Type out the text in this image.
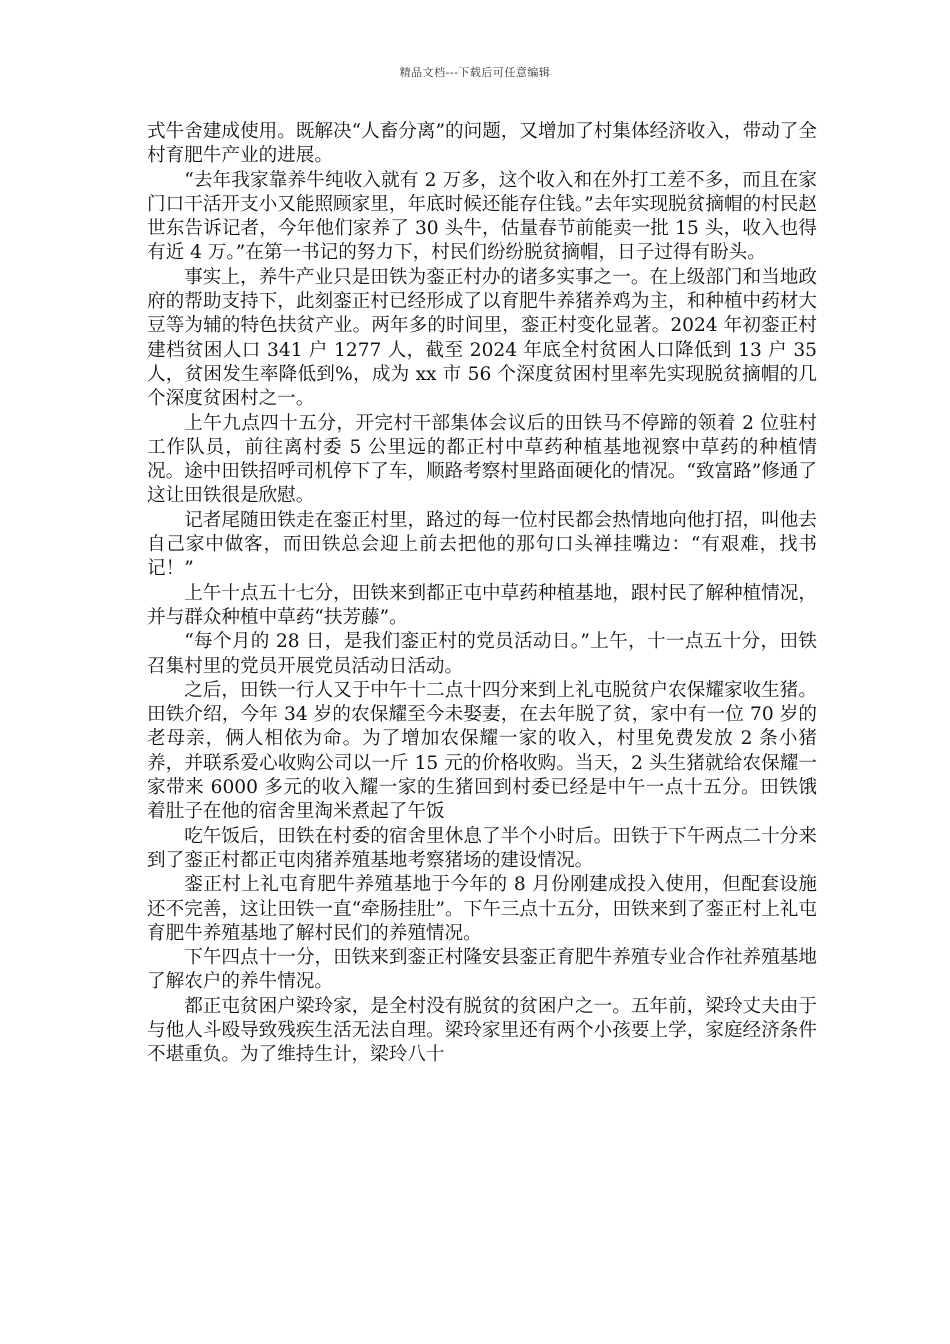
精品文档---下载后可任意编辑

式牛舍建成使用。既解决“人畜分离”的问题，又增加了村集体经济收入，带动了全村育肥牛产业的进展。

“去年我家靠养牛纯收入就有 2 万多，这个收入和在外打工差不多，而且在家门口干活开支小又能照顾家里，年底时候还能存住钱。”去年实现脱贫摘帽的村民赵世东告诉记者，今年他们家养了 30 头牛，估量春节前能卖一批 15 头，收入也得有近 4 万。”在第一书记的努力下，村民们纷纷脱贫摘帽，日子过得有盼头。

事实上，养牛产业只是田铁为銮正村办的诸多实事之一。在上级部门和当地政府的帮助支持下，此刻銮正村已经形成了以育肥牛养猪养鸡为主，和种植中药材大豆等为辅的特色扶贫产业。两年多的时间里，銮正村变化显著。2024 年初銮正村建档贫困人口 341 户 1277 人，截至 2024 年底全村贫困人口降低到 13 户 35 人，贫困发生率降低到%，成为 xx 市 56 个深度贫困村里率先实现脱贫摘帽的几个深度贫困村之一。

上午九点四十五分，开完村干部集体会议后的田铁马不停蹄的领着 2 位驻村工作队员，前往离村委 5 公里远的都正村中草药种植基地视察中草药的种植情况。途中田铁招呼司机停下了车，顺路考察村里路面硬化的情况。“致富路”修通了这让田铁很是欣慰。

记者尾随田铁走在銮正村里，路过的每一位村民都会热情地向他打招，叫他去自己家中做客，而田铁总会迎上前去把他的那句口头禅挂嘴边：“有艰难，找书记！”

上午十点五十七分，田铁来到都正屯中草药种植基地，跟村民了解种植情况，并与群众种植中草药“扶芳藤”。

“每个月的 28 日，是我们銮正村的党员活动日。”上午，十一点五十分，田铁召集村里的党员开展党员活动日活动。

之后，田铁一行人又于中午十二点十四分来到上礼屯脱贫户农保耀家收生猪。田铁介绍，今年 34 岁的农保耀至今未娶妻，在去年脱了贫，家中有一位 70 岁的老母亲，俩人相依为命。为了增加农保耀一家的收入，村里免费发放 2 条小猪养，并联系爱心收购公司以一斤 15 元的价格收购。当天，2 头生猪就给农保耀一家带来 6000 多元的收入耀一家的生猪回到村委已经是中午一点十五分。田铁饿着肚子在他的宿舍里淘米煮起了午饭

吃午饭后，田铁在村委的宿舍里休息了半个小时后。田铁于下午两点二十分来到了銮正村都正屯肉猪养殖基地考察猪场的建设情况。

銮正村上礼屯育肥牛养殖基地于今年的 8 月份刚建成投入使用，但配套设施还不完善，这让田铁一直“牵肠挂肚”。下午三点十五分，田铁来到了銮正村上礼屯育肥牛养殖基地了解村民们的养殖情况。

下午四点十一分，田铁来到銮正村隆安县銮正育肥牛养殖专业合作社养殖基地了解农户的养牛情况。

都正屯贫困户梁玲家，是全村没有脱贫的贫困户之一。五年前，梁玲丈夫由于与他人斗殴导致残疾生活无法自理。梁玲家里还有两个小孩要上学，家庭经济条件不堪重负。为了维持生计，梁玲八十
